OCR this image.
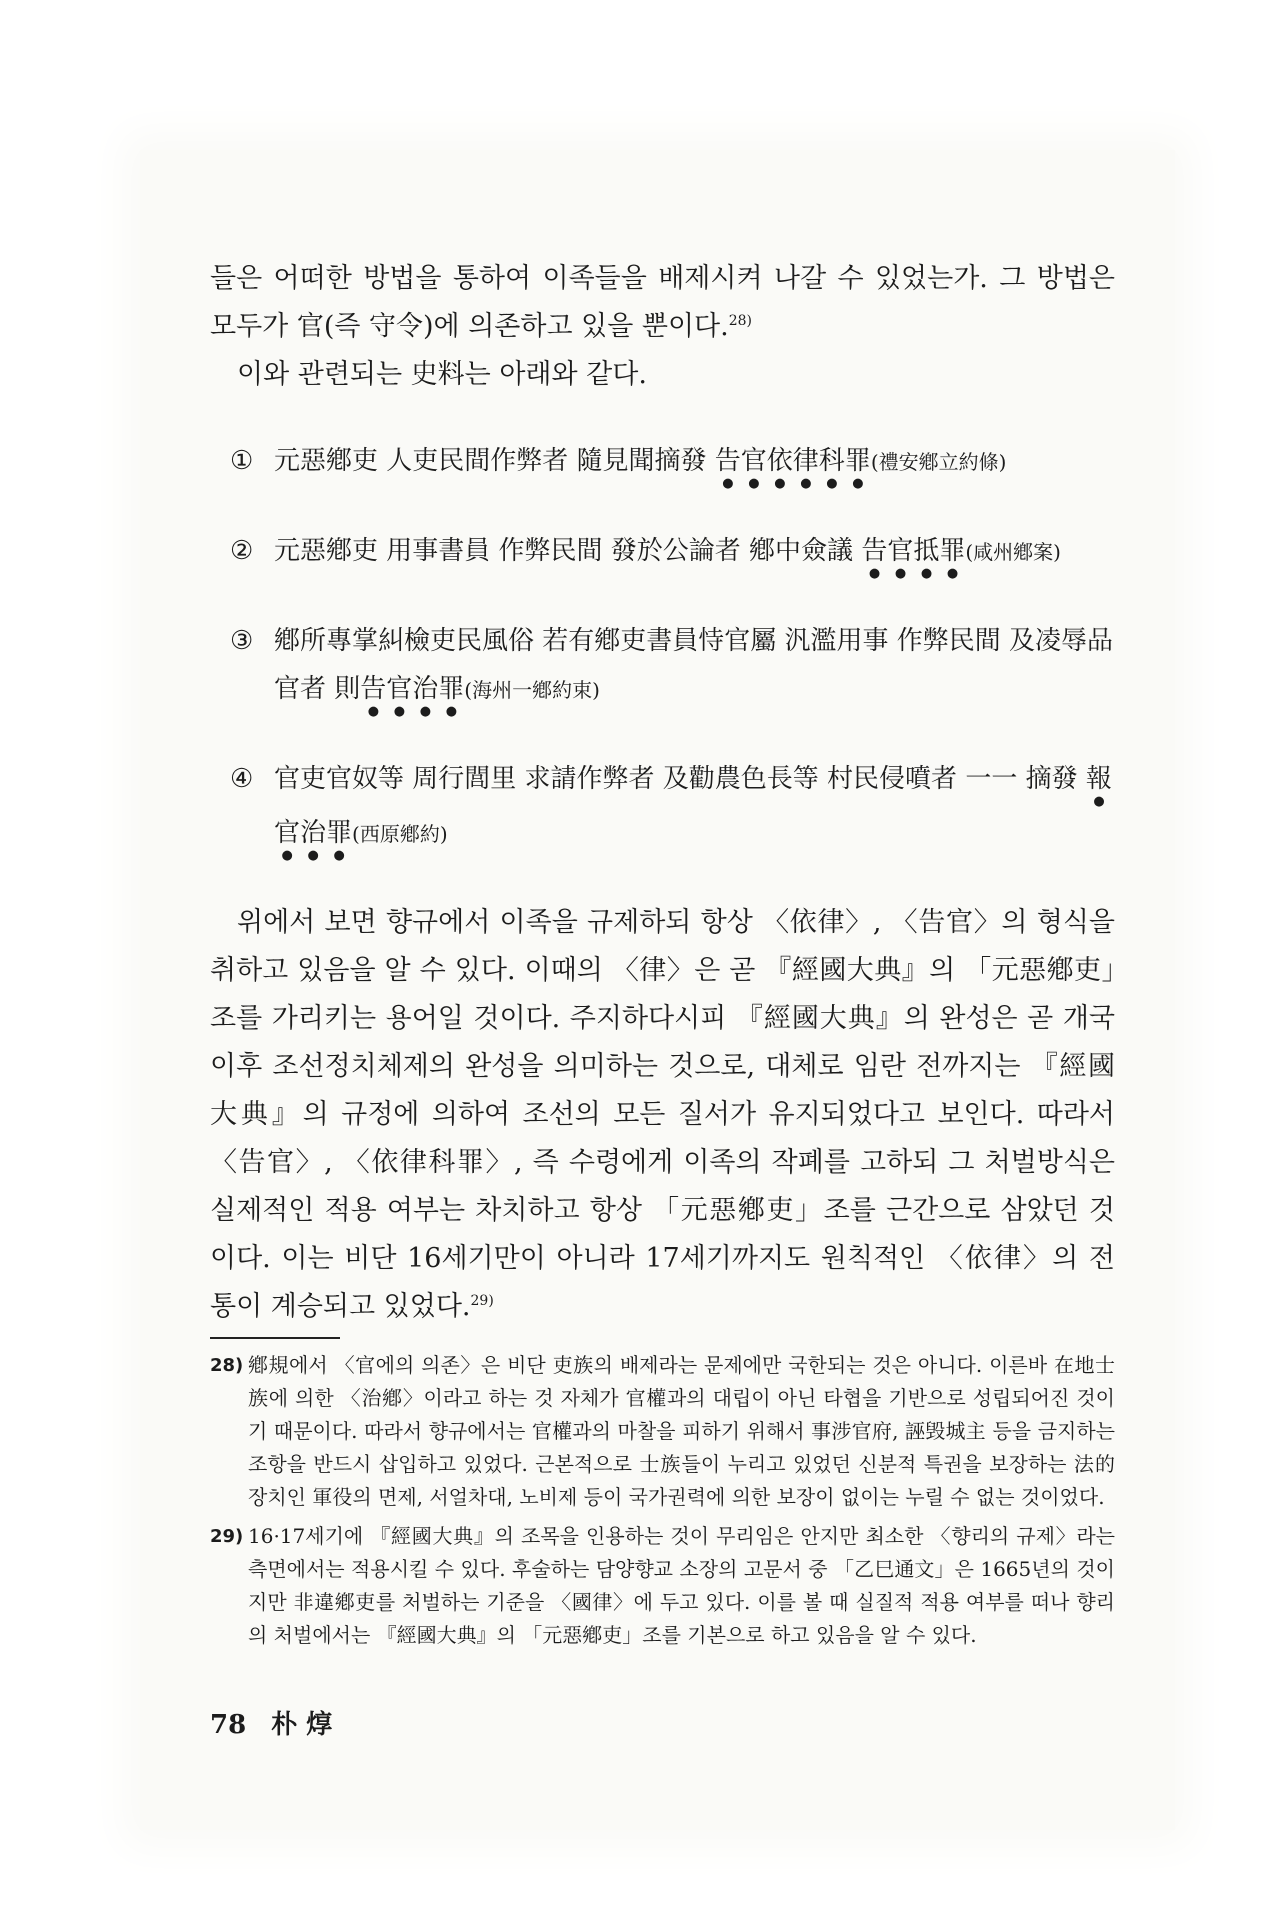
들은 어떠한 방법을 통하여 이족들을 배제시켜 나갈 수 있었는가. 그 방법은 모두가 官(즉 守令)에 의존하고 있을 뿐이다.$^{28)}$

이와 관련되는 史料는 아래와 같다.

① 元惡鄕吏 人吏民間作弊者 隨見聞摘發 告官依律科罪(禮安鄕立約條)
② 元惡鄕吏 用事書員 作弊民間 發於公論者 鄕中僉議 告官抵罪(咸州鄕案)
③ 鄕所專掌糾檢吏民風俗 若有鄕吏書員恃官屬 汎濫用事 作弊民間 及凌辱品官者 則告官治罪(海州一鄕約束)
④ 官吏官奴等 周行閭里 求請作弊者 及勸農色長等 村民侵噴者 一一 摘發 報官治罪(西原鄕約)

위에서 보면 향규에서 이족을 규제하되 항상 〈依律〉, 〈告官〉의 형식을 취하고 있음을 알 수 있다. 이때의 〈律〉은 곧 『經國大典』의 「元惡鄕吏」조를 가리키는 용어일 것이다. 주지하다시피 『經國大典』의 완성은 곧 개국 이후 조선정치체제의 완성을 의미하는 것으로, 대체로 임란 전까지는 『經國大典』의 규정에 의하여 조선의 모든 질서가 유지되었다고 보인다. 따라서 〈告官〉, 〈依律科罪〉, 즉 수령에게 이족의 작폐를 고하되 그 처벌방식은 실제적인 적용 여부는 차치하고 항상 「元惡鄕吏」조를 근간으로 삼았던 것이다. 이는 비단 16세기만이 아니라 17세기까지도 원칙적인 〈依律〉의 전통이 계승되고 있었다.$^{29)}$

28) 鄕規에서 〈官에의 의존〉은 비단 吏族의 배제라는 문제에만 국한되는 것은 아니다. 이른바 在地士族에 의한 〈治鄕〉이라고 하는 것 자체가 官權과의 대립이 아닌 타협을 기반으로 성립되어진 것이기 때문이다. 따라서 향규에서는 官權과의 마찰을 피하기 위해서 事涉官府, 誣毁城主 등을 금지하는 조항을 반드시 삽입하고 있었다. 근본적으로 士族들이 누리고 있었던 신분적 특권을 보장하는 法的 장치인 軍役의 면제, 서얼차대, 노비제 등이 국가권력에 의한 보장이 없이는 누릴 수 없는 것이었다.
29) 16·17세기에 『經國大典』의 조목을 인용하는 것이 무리임은 안지만 최소한 〈향리의 규제〉라는 측면에서는 적용시킬 수 있다. 후술하는 담양향교 소장의 고문서 중 「乙巳通文」은 1665년의 것이지만 非違鄕吏를 처벌하는 기준을 〈國律〉에 두고 있다. 이를 볼 때 실질적 적용 여부를 떠나 향리의 처벌에서는 『經國大典』의 「元惡鄕吏」조를 기본으로 하고 있음을 알 수 있다.
78 朴 焞
